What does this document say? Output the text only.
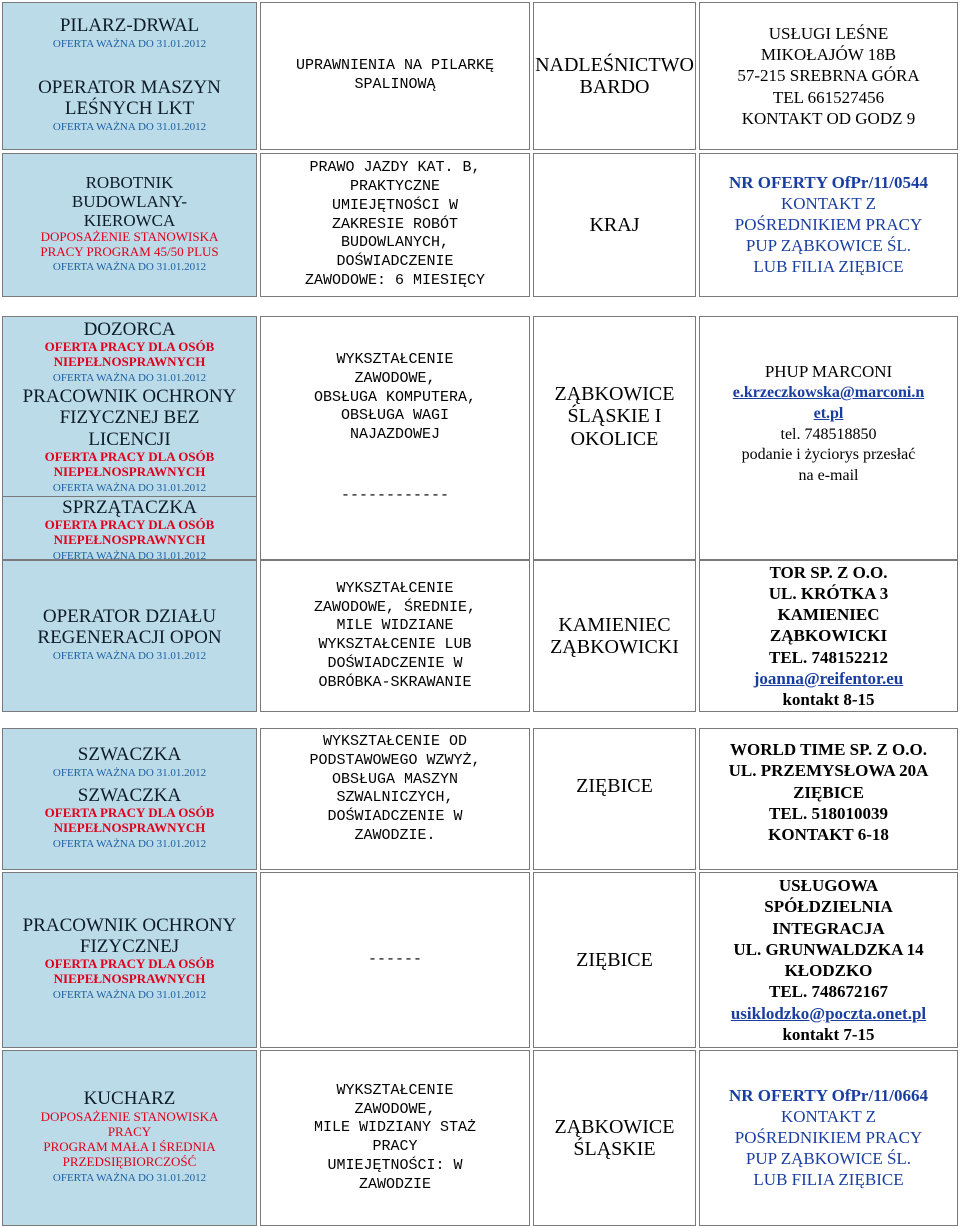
PILARZ-DRWAL
OFERTA WAŻNA DO 31.01.2012
OPERATOR MASZYN
LEŚNYCH LKT
OFERTA WAŻNA DO 31.01.2012
UPRAWNIENIA NA PILARKĘ
SPALINOWĄ
NADLEŚNICTWO
BARDO
USŁUGI LEŚNE
MIKOŁAJÓW 18B
57-215 SREBRNA GÓRA
TEL 661527456
KONTAKT OD GODZ 9
ROBOTNIK
BUDOWLANY-
KIEROWCA
DOPOSAŻENIE STANOWISKA
PRACY PROGRAM 45/50 PLUS
OFERTA WAŻNA DO 31.01.2012
PRAWO JAZDY KAT. B,
PRAKTYCZNE
UMIEJĘTNOŚCI W
ZAKRESIE ROBÓT
BUDOWLANYCH,
DOŚWIADCZENIE
ZAWODOWE: 6 MIESIĘCY
KRAJ
NR OFERTY OfPr/11/0544
KONTAKT Z
POŚREDNIKIEM PRACY
PUP ZĄBKOWICE ŚL.
LUB FILIA ZIĘBICE
DOZORCA
OFERTA PRACY DLA OSÓB
NIEPEŁNOSPRAWNYCH
OFERTA WAŻNA DO 31.01.2012
PRACOWNIK OCHRONY
FIZYCZNEJ BEZ
LICENCJI
OFERTA PRACY DLA OSÓB
NIEPEŁNOSPRAWNYCH
OFERTA WAŻNA DO 31.01.2012
SPRZĄTACZKA
OFERTA PRACY DLA OSÓB
NIEPEŁNOSPRAWNYCH
OFERTA WAŻNA DO 31.01.2012
WYKSZTAŁCENIE
ZAWODOWE,
OBSŁUGA KOMPUTERA,
OBSŁUGA WAGI
NAJAZDOWEJ
------------
ZĄBKOWICE
ŚLĄSKIE I
OKOLICE
PHUP MARCONI
e.krzeczkowska@marconi.n
et.pl
tel. 748518850
podanie i życiorys przesłać
na e-mail
OPERATOR DZIAŁU
REGENERACJI OPON
OFERTA WAŻNA DO 31.01.2012
WYKSZTAŁCENIE
ZAWODOWE, ŚREDNIE,
MILE WIDZIANE
WYKSZTAŁCENIE LUB
DOŚWIADCZENIE W
OBRÓBKA-SKRAWANIE
KAMIENIEC
ZĄBKOWICKI
TOR SP. Z O.O.
UL. KRÓTKA 3
KAMIENIEC
ZĄBKOWICKI
TEL. 748152212
joanna@reifentor.eu
kontakt 8-15
SZWACZKA
OFERTA WAŻNA DO 31.01.2012
SZWACZKA
OFERTA PRACY DLA OSÓB
NIEPEŁNOSPRAWNYCH
OFERTA WAŻNA DO 31.01.2012
WYKSZTAŁCENIE OD
PODSTAWOWEGO WZWYŻ,
OBSŁUGA MASZYN
SZWALNICZYCH,
DOŚWIADCZENIE W
ZAWODZIE.
ZIĘBICE
WORLD TIME SP. Z O.O.
UL. PRZEMYSŁOWA 20A
ZIĘBICE
TEL. 518010039
KONTAKT 6-18
PRACOWNIK OCHRONY
FIZYCZNEJ
OFERTA PRACY DLA OSÓB
NIEPEŁNOSPRAWNYCH
OFERTA WAŻNA DO 31.01.2012
------	ZIĘBICE
USŁUGOWA
SPÓŁDZIELNIA
INTEGRACJA
UL. GRUNWALDZKA 14
KŁODZKO
TEL. 748672167
usiklodzko@poczta.onet.pl
kontakt 7-15
KUCHARZ
DOPOSAŻENIE STANOWISKA
PRACY
PROGRAM MAŁA I ŚREDNIA
PRZEDSIĘBIORCZOŚĆ
OFERTA WAŻNA DO 31.01.2012
WYKSZTAŁCENIE
ZAWODOWE,
MILE WIDZIANY STAŻ
PRACY
UMIEJĘTNOŚCI: W
ZAWODZIE
ZĄBKOWICE
ŚLĄSKIE
NR OFERTY OfPr/11/0664
KONTAKT Z
POŚREDNIKIEM PRACY
PUP ZĄBKOWICE ŚL.
LUB FILIA ZIĘBICE
